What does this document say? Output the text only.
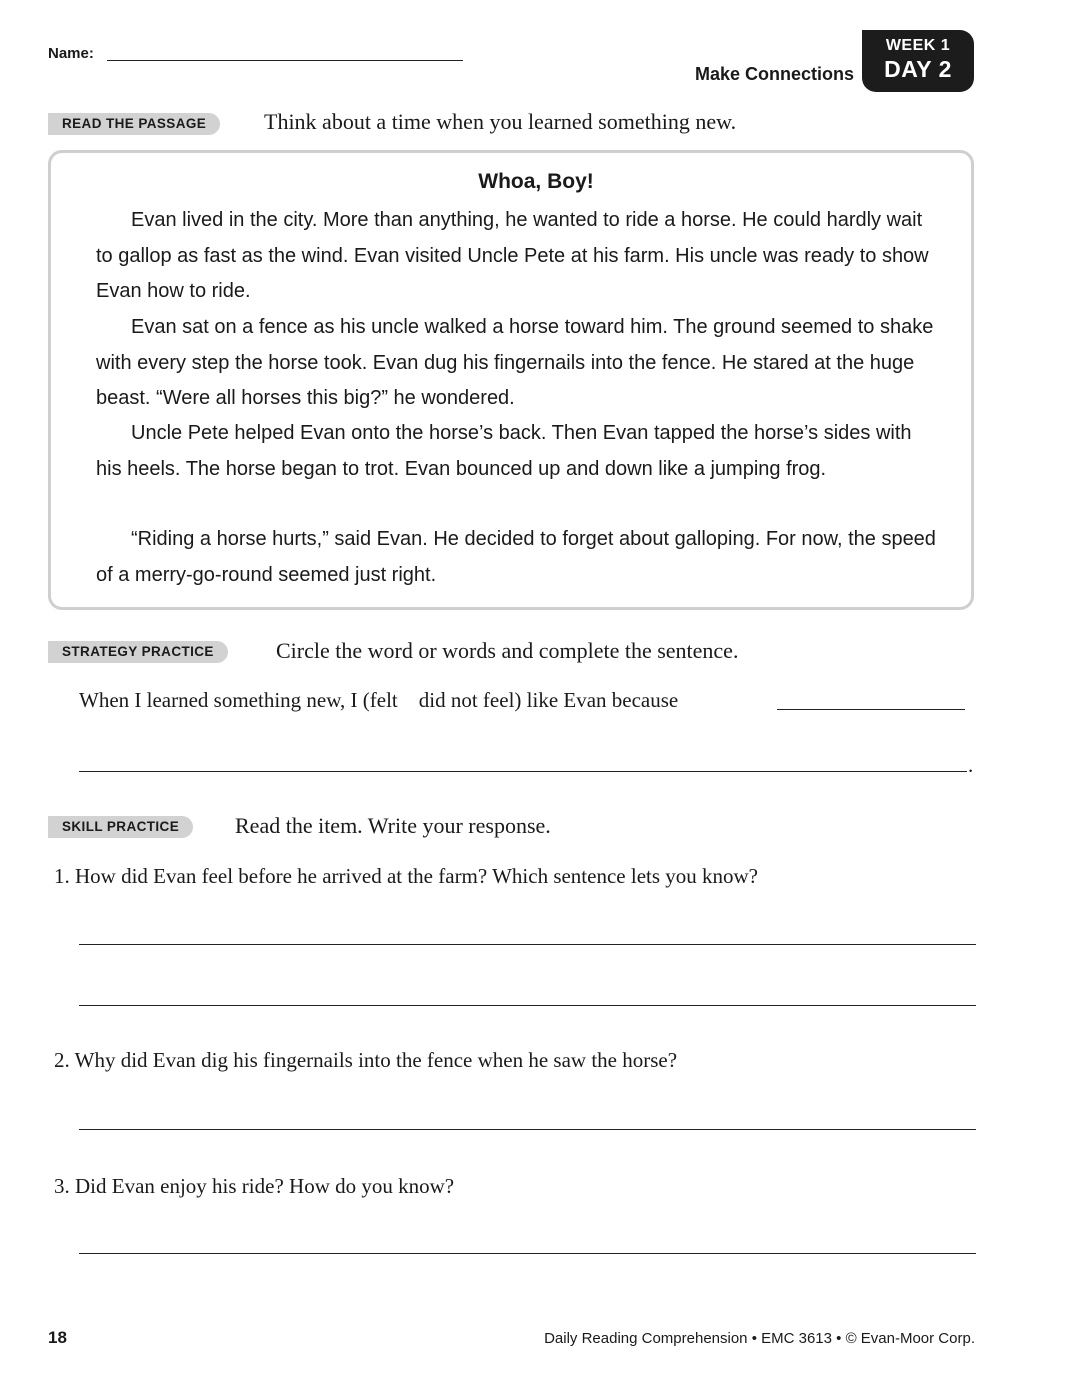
Name:
Make Connections
WEEK 1
DAY 2
READ THE PASSAGE	Think about a time when you learned something new.
Whoa, Boy!
Evan lived in the city. More than anything, he wanted to ride a horse. He could hardly wait to gallop as fast as the wind. Evan visited Uncle Pete at his farm. His uncle was ready to show Evan how to ride.
Evan sat on a fence as his uncle walked a horse toward him. The ground seemed to shake with every step the horse took. Evan dug his fingernails into the fence. He stared at the huge beast. “Were all horses this big?” he wondered.
Uncle Pete helped Evan onto the horse’s back. Then Evan tapped the horse’s sides with his heels. The horse began to trot. Evan bounced up and down like a jumping frog.
“Riding a horse hurts,” said Evan. He decided to forget about galloping. For now, the speed of a merry-go-round seemed just right.
STRATEGY PRACTICE	Circle the word or words and complete the sentence.
When I learned something new, I (felt    did not feel) like Evan because
.
SKILL PRACTICE	Read the item. Write your response.
1. How did Evan feel before he arrived at the farm? Which sentence lets you know?
2. Why did Evan dig his fingernails into the fence when he saw the horse?
3. Did Evan enjoy his ride? How do you know?
18	Daily Reading Comprehension • EMC 3613 • © Evan-Moor Corp.
